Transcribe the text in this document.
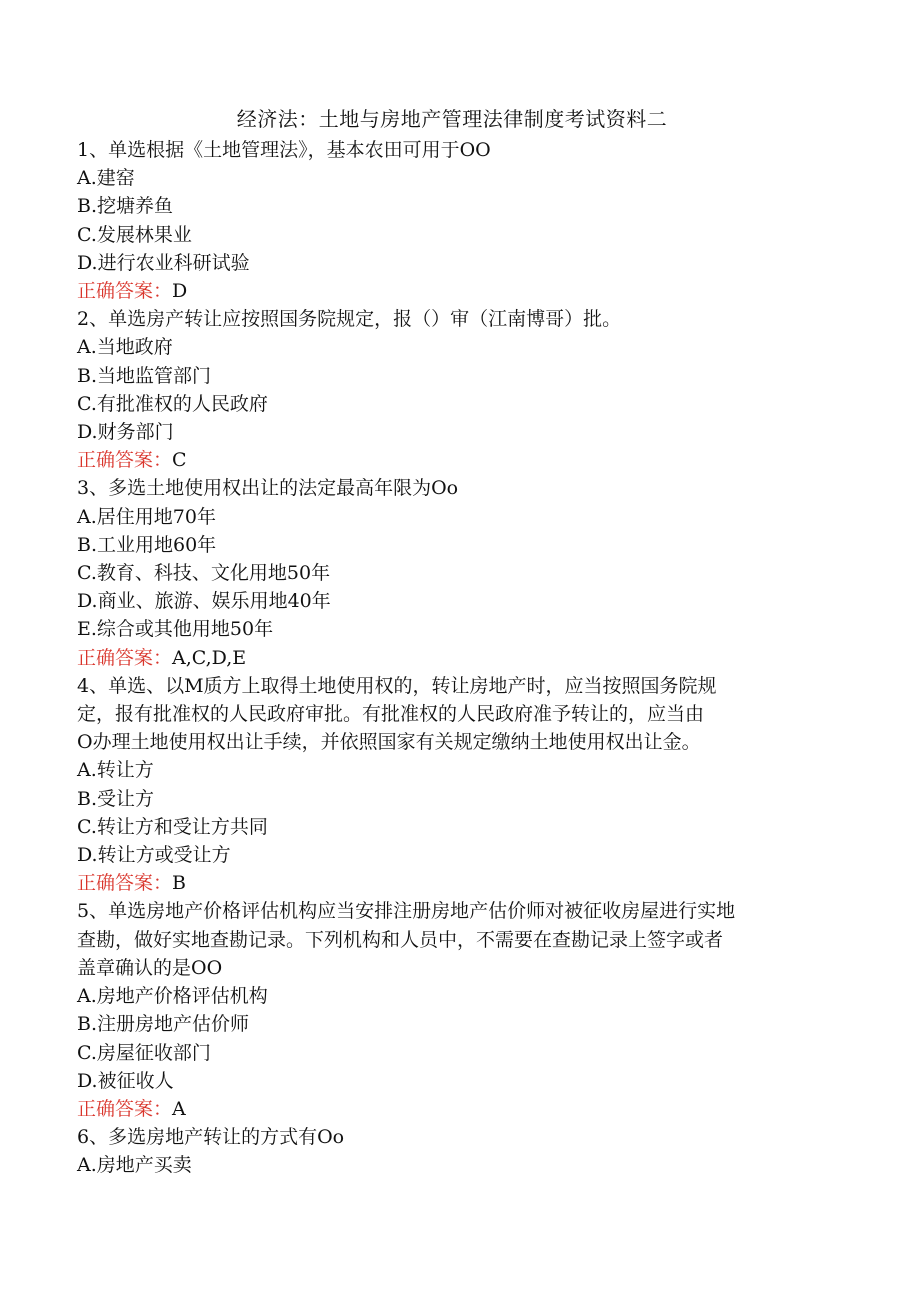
经济法：土地与房地产管理法律制度考试资料二

1、单选根据《土地管理法》，基本农田可用于OO

A.建窑

B.挖塘养鱼

C.发展林果业

D.进行农业科研试验

正确答案：D

2、单选房产转让应按照国务院规定，报（）审（江南博哥）批。

A.当地政府

B.当地监管部门

C.有批准权的人民政府

D.财务部门

正确答案：C

3、多选土地使用权出让的法定最高年限为Oo

A.居住用地70年

B.工业用地60年

C.教育、科技、文化用地50年

D.商业、旅游、娱乐用地40年

E.综合或其他用地50年

正确答案：A,C,D,E

4、单选、以M质方上取得土地使用权的，转让房地产时，应当按照国务院规

定，报有批准权的人民政府审批。有批准权的人民政府准予转让的，应当由

O办理土地使用权出让手续，并依照国家有关规定缴纳土地使用权出让金。

A.转让方

B.受让方

C.转让方和受让方共同

D.转让方或受让方

正确答案：B

5、单选房地产价格评估机构应当安排注册房地产估价师对被征收房屋进行实地

查勘，做好实地查勘记录。下列机构和人员中，不需要在查勘记录上签字或者

盖章确认的是OO

A.房地产价格评估机构

B.注册房地产估价师

C.房屋征收部门

D.被征收人

正确答案：A

6、多选房地产转让的方式有Oo

A.房地产买卖
